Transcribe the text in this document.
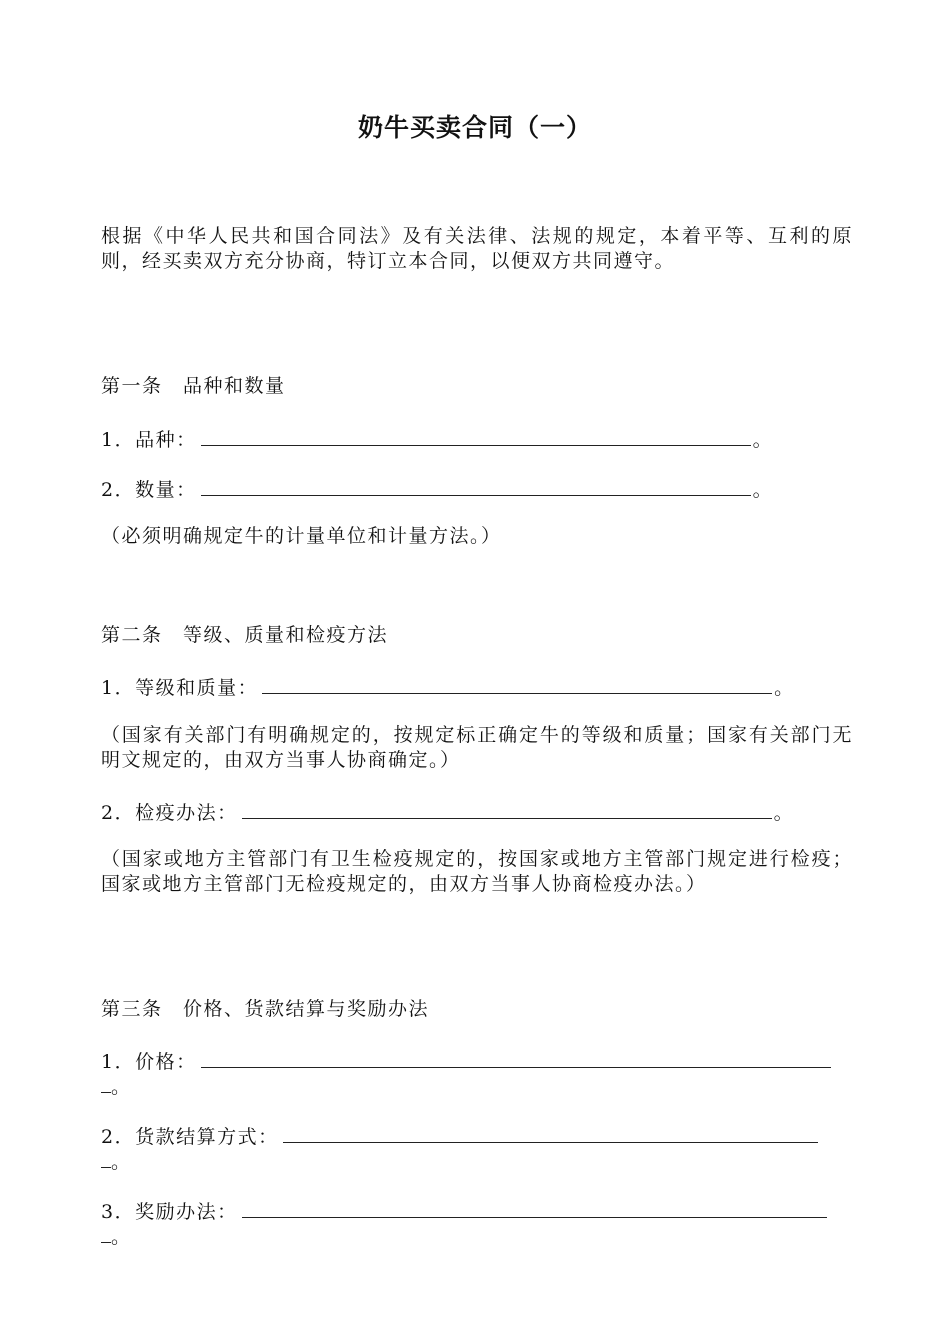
奶牛买卖合同（一）
根据《中华人民共和国合同法》及有关法律、法规的规定，本着平等、互利的原则，经买卖双方充分协商，特订立本合同，以便双方共同遵守。
第一条　品种和数量
1．品种：	。
2．数量：	。
（必须明确规定牛的计量单位和计量方法。）
第二条　等级、质量和检疫方法
1．等级和质量：	。
（国家有关部门有明确规定的，按规定标正确定牛的等级和质量；国家有关部门无明文规定的，由双方当事人协商确定。）
2．检疫办法：	。
（国家或地方主管部门有卫生检疫规定的，按国家或地方主管部门规定进行检疫；国家或地方主管部门无检疫规定的，由双方当事人协商检疫办法。）
第三条　价格、货款结算与奖励办法
1．价格：
。
2．货款结算方式：
。
3．奖励办法：
。
